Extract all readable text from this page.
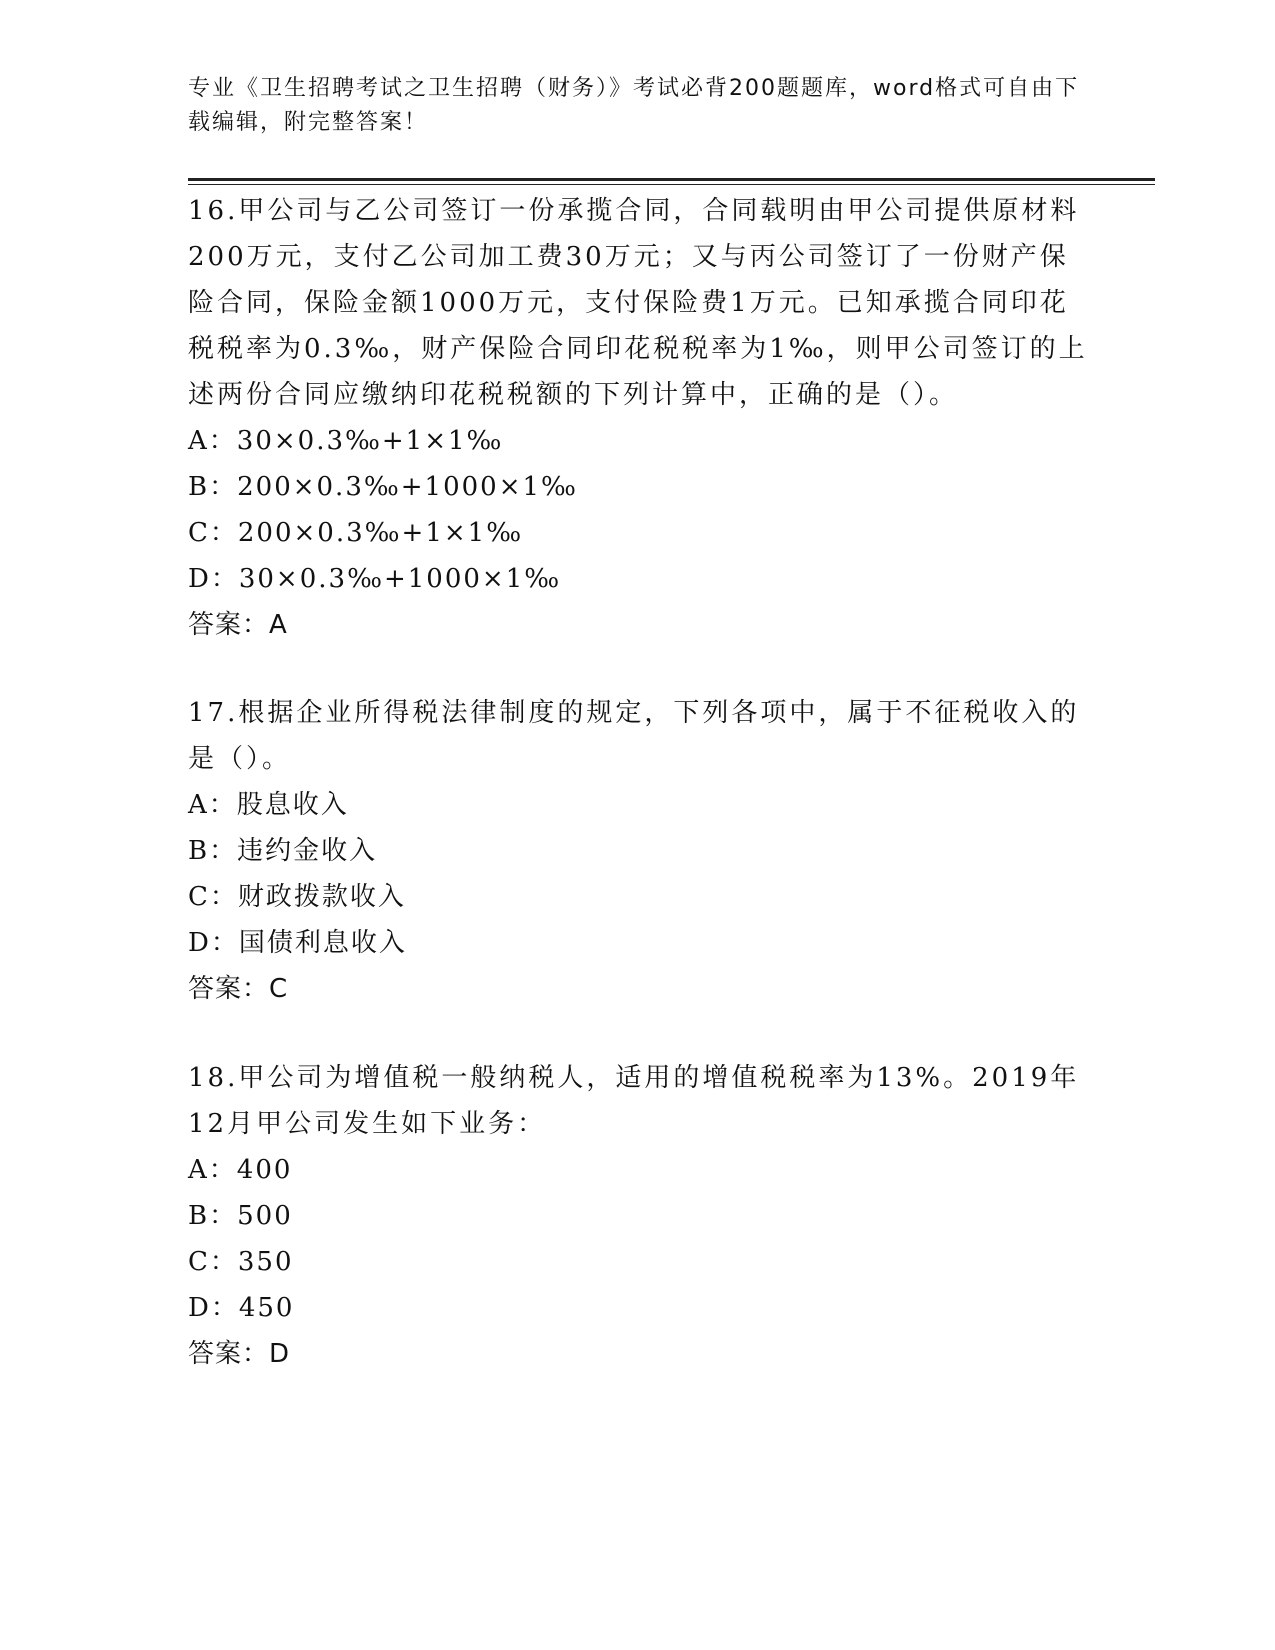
专业《卫生招聘考试之卫生招聘（财务）》考试必背200题题库，word格式可自由下载编辑，附完整答案！
16.甲公司与乙公司签订一份承揽合同，合同载明由甲公司提供原材料200万元，支付乙公司加工费30万元；又与丙公司签订了一份财产保险合同，保险金额1000万元，支付保险费1万元。已知承揽合同印花税税率为0.3‰，财产保险合同印花税税率为1‰，则甲公司签订的上述两份合同应缴纳印花税税额的下列计算中，正确的是（）。
A：30×0.3‰+1×1‰
B：200×0.3‰+1000×1‰
C：200×0.3‰+1×1‰
D：30×0.3‰+1000×1‰
答案：A
17.根据企业所得税法律制度的规定，下列各项中，属于不征税收入的是（）。
A：股息收入
B：违约金收入
C：财政拨款收入
D：国债利息收入
答案：C
18.甲公司为增值税一般纳税人，适用的增值税税率为13%。2019年12月甲公司发生如下业务：
A：400
B：500
C：350
D：450
答案：D
